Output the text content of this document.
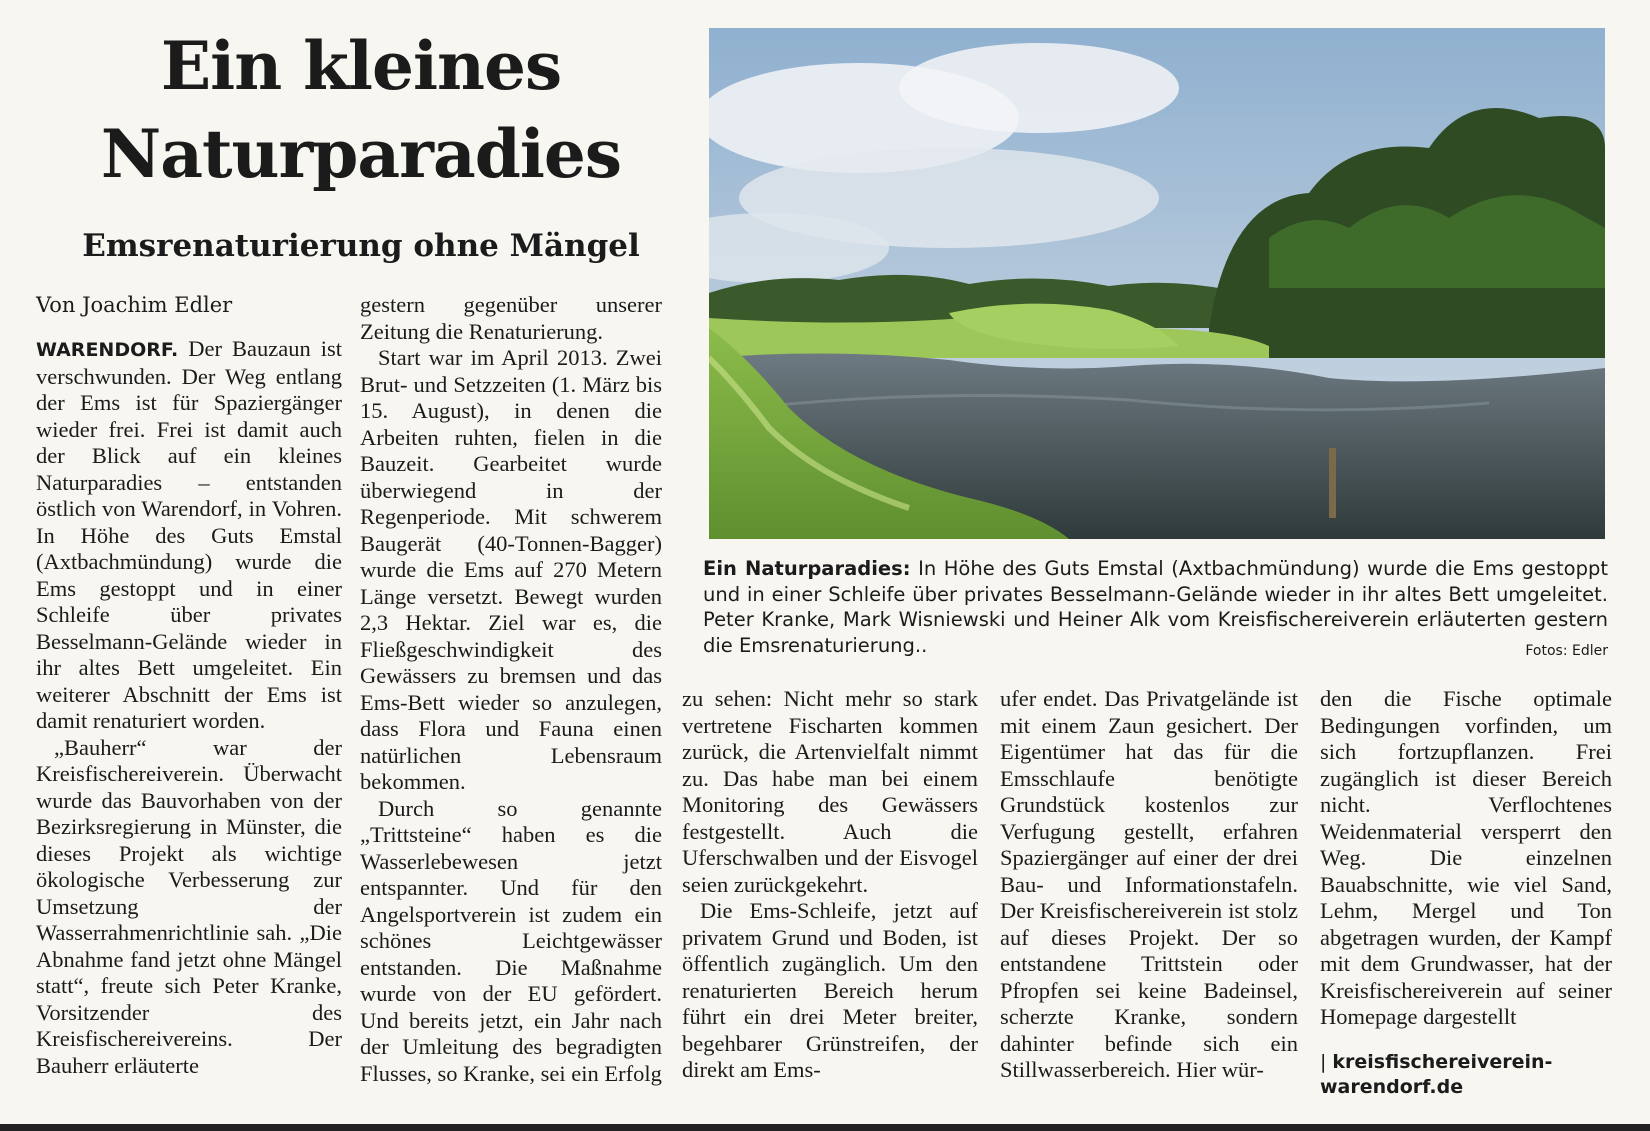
Ein kleines
Naturparadies
Emsrenaturierung ohne Mängel
Von Joachim Edler

WARENDORF. Der Bauzaun ist verschwunden. Der Weg entlang der Ems ist für Spaziergänger wieder frei. Frei ist damit auch der Blick auf ein kleines Naturparadies – entstanden östlich von Warendorf, in Vohren. In Höhe des Guts Emstal (Axtbachmündung) wurde die Ems gestoppt und in einer Schleife über privates Besselmann-Gelände wieder in ihr altes Bett umgeleitet. Ein weiterer Abschnitt der Ems ist damit renaturiert worden.

„Bauherr“ war der Kreisfischereiverein. Überwacht wurde das Bauvorhaben von der Bezirksregierung in Münster, die dieses Projekt als wichtige ökologische Verbesserung zur Umsetzung der Wasserrahmenrichtlinie sah. „Die Abnahme fand jetzt ohne Mängel statt“, freute sich Peter Kranke, Vorsitzender des Kreisfischereivereins. Der Bauherr erläuterte

gestern gegenüber unserer Zeitung die Renaturierung.

Start war im April 2013. Zwei Brut- und Setzzeiten (1. März bis 15. August), in denen die Arbeiten ruhten, fielen in die Bauzeit. Gearbeitet wurde überwiegend in der Regenperiode. Mit schwerem Baugerät (40-Tonnen-Bagger) wurde die Ems auf 270 Metern Länge versetzt. Bewegt wurden 2,3 Hektar. Ziel war es, die Fließgeschwindigkeit des Gewässers zu bremsen und das Ems-Bett wieder so anzulegen, dass Flora und Fauna einen natürlichen Lebensraum bekommen.

Durch so genannte „Trittsteine“ haben es die Wasserlebewesen jetzt entspannter. Und für den Angelsportverein ist zudem ein schönes Leichtgewässer entstanden. Die Maßnahme wurde von der EU gefördert. Und bereits jetzt, ein Jahr nach der Umleitung des begradigten Flusses, so Kranke, sei ein Erfolg

Ein Naturparadies: In Höhe des Guts Emstal (Axtbachmündung) wurde die Ems gestoppt und in einer Schleife über privates Besselmann-Gelände wieder in ihr altes Bett umgeleitet. Peter Kranke, Mark Wisniewski und Heiner Alk vom Kreisfischereiverein erläuterten gestern die Emsrenaturierung..	Fotos: Edler

zu sehen: Nicht mehr so stark vertretene Fischarten kommen zurück, die Artenvielfalt nimmt zu. Das habe man bei einem Monitoring des Gewässers festgestellt. Auch die Uferschwalben und der Eisvogel seien zurückgekehrt.

Die Ems-Schleife, jetzt auf privatem Grund und Boden, ist öffentlich zugänglich. Um den renaturierten Bereich herum führt ein drei Meter breiter, begehbarer Grünstreifen, der direkt am Ems-

ufer endet. Das Privatgelände ist mit einem Zaun gesichert. Der Eigentümer hat das für die Emsschlaufe benötigte Grundstück kostenlos zur Verfugung gestellt, erfahren Spaziergänger auf einer der drei Bau- und Informationstafeln. Der Kreisfischereiverein ist stolz auf dieses Projekt. Der so entstandene Trittstein oder Pfropfen sei keine Badeinsel, scherzte Kranke, sondern dahinter befinde sich ein Stillwasserbereich. Hier wür-

den die Fische optimale Bedingungen vorfinden, um sich fortzupflanzen. Frei zugänglich ist dieser Bereich nicht. Verflochtenes Weidenmaterial versperrt den Weg. Die einzelnen Bauabschnitte, wie viel Sand, Lehm, Mergel und Ton abgetragen wurden, der Kampf mit dem Grundwasser, hat der Kreisfischereiverein auf seiner Homepage dargestellt

| kreisfischereiverein-warendorf.de
